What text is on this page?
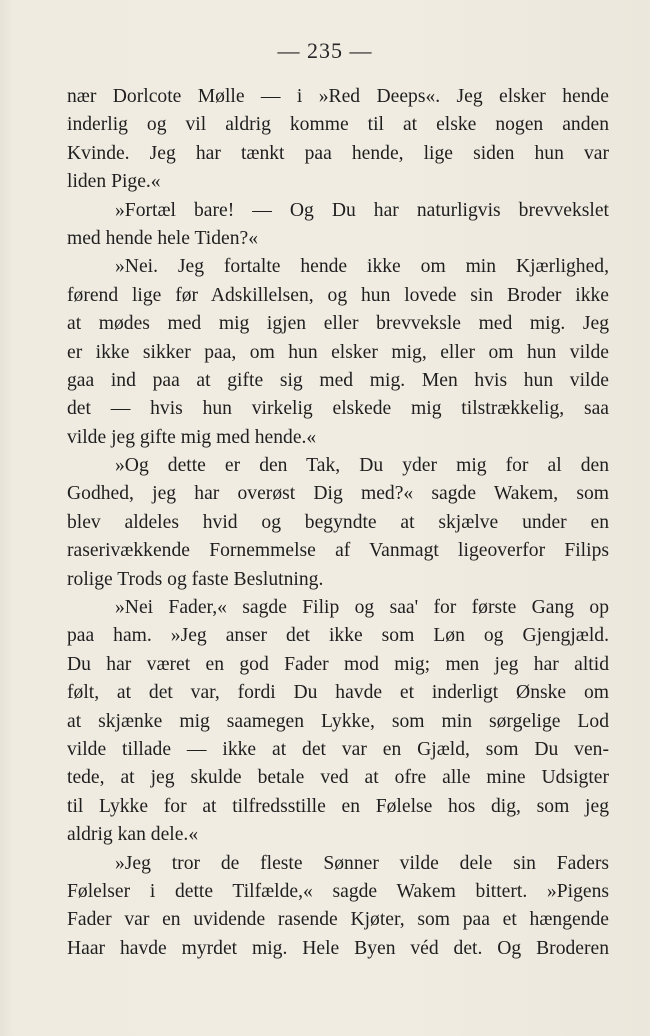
— 235 —
nær Dorlcote Mølle — i »Red Deeps«. Jeg elsker hende
inderlig og vil aldrig komme til at elske nogen anden
Kvinde. Jeg har tænkt paa hende, lige siden hun var
liden Pige.«
»Fortæl bare! — Og Du har naturligvis brevvekslet
med hende hele Tiden?«
»Nei. Jeg fortalte hende ikke om min Kjærlighed,
førend lige før Adskillelsen, og hun lovede sin Broder ikke
at mødes med mig igjen eller brevveksle med mig. Jeg
er ikke sikker paa, om hun elsker mig, eller om hun vilde
gaa ind paa at gifte sig med mig. Men hvis hun vilde
det — hvis hun virkelig elskede mig tilstrækkelig, saa
vilde jeg gifte mig med hende.«
»Og dette er den Tak, Du yder mig for al den
Godhed, jeg har overøst Dig med?« sagde Wakem, som
blev aldeles hvid og begyndte at skjælve under en
raserivækkende Fornemmelse af Vanmagt ligeoverfor Filips
rolige Trods og faste Beslutning.
»Nei Fader,« sagde Filip og saa' for første Gang op
paa ham. »Jeg anser det ikke som Løn og Gjengjæld.
Du har været en god Fader mod mig; men jeg har altid
følt, at det var, fordi Du havde et inderligt Ønske om
at skjænke mig saamegen Lykke, som min sørgelige Lod
vilde tillade — ikke at det var en Gjæld, som Du ven-
tede, at jeg skulde betale ved at ofre alle mine Udsigter
til Lykke for at tilfredsstille en Følelse hos dig, som jeg
aldrig kan dele.«
»Jeg tror de fleste Sønner vilde dele sin Faders
Følelser i dette Tilfælde,« sagde Wakem bittert. »Pigens
Fader var en uvidende rasende Kjøter, som paa et hængende
Haar havde myrdet mig. Hele Byen véd det. Og Broderen
